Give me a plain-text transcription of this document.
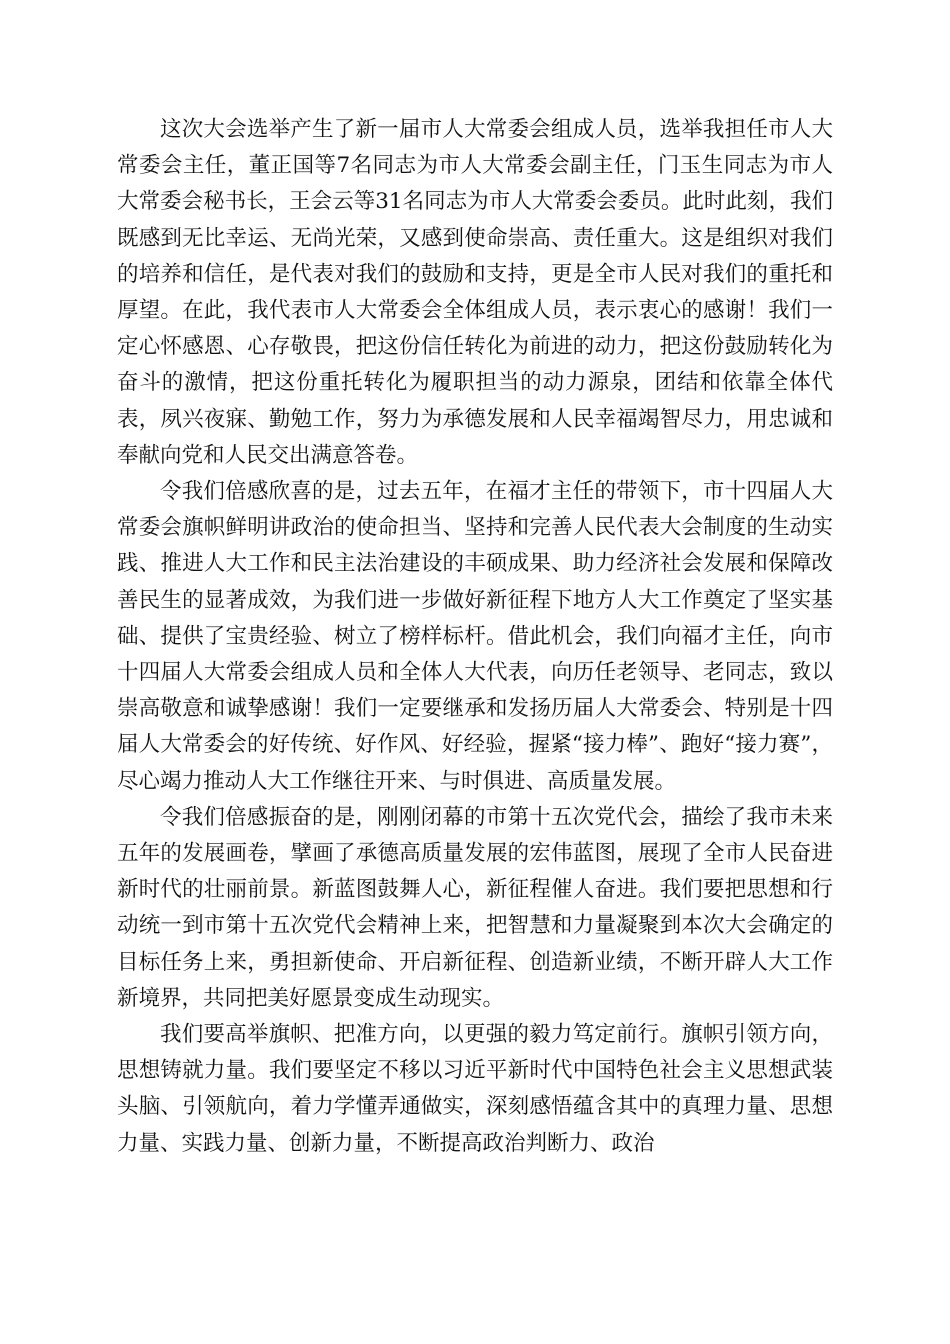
这次大会选举产生了新一届市人大常委会组成人员，选举我担任市人大常委会主任，董正国等7名同志为市人大常委会副主任，门玉生同志为市人大常委会秘书长，王会云等31名同志为市人大常委会委员。此时此刻，我们既感到无比幸运、无尚光荣，又感到使命崇高、责任重大。这是组织对我们的培养和信任，是代表对我们的鼓励和支持，更是全市人民对我们的重托和厚望。在此，我代表市人大常委会全体组成人员，表示衷心的感谢！我们一定心怀感恩、心存敬畏，把这份信任转化为前进的动力，把这份鼓励转化为奋斗的激情，把这份重托转化为履职担当的动力源泉，团结和依靠全体代表，夙兴夜寐、勤勉工作，努力为承德发展和人民幸福竭智尽力，用忠诚和奉献向党和人民交出满意答卷。

令我们倍感欣喜的是，过去五年，在福才主任的带领下，市十四届人大常委会旗帜鲜明讲政治的使命担当、坚持和完善人民代表大会制度的生动实践、推进人大工作和民主法治建设的丰硕成果、助力经济社会发展和保障改善民生的显著成效，为我们进一步做好新征程下地方人大工作奠定了坚实基础、提供了宝贵经验、树立了榜样标杆。借此机会，我们向福才主任，向市十四届人大常委会组成人员和全体人大代表，向历任老领导、老同志，致以崇高敬意和诚挚感谢！我们一定要继承和发扬历届人大常委会、特别是十四届人大常委会的好传统、好作风、好经验，握紧“接力棒”、跑好“接力赛”，尽心竭力推动人大工作继往开来、与时俱进、高质量发展。

令我们倍感振奋的是，刚刚闭幕的市第十五次党代会，描绘了我市未来五年的发展画卷，擘画了承德高质量发展的宏伟蓝图，展现了全市人民奋进新时代的壮丽前景。新蓝图鼓舞人心，新征程催人奋进。我们要把思想和行动统一到市第十五次党代会精神上来，把智慧和力量凝聚到本次大会确定的目标任务上来，勇担新使命、开启新征程、创造新业绩，不断开辟人大工作新境界，共同把美好愿景变成生动现实。

我们要高举旗帜、把准方向，以更强的毅力笃定前行。旗帜引领方向，思想铸就力量。我们要坚定不移以习近平新时代中国特色社会主义思想武装头脑、引领航向，着力学懂弄通做实，深刻感悟蕴含其中的真理力量、思想力量、实践力量、创新力量，不断提高政治判断力、政治
